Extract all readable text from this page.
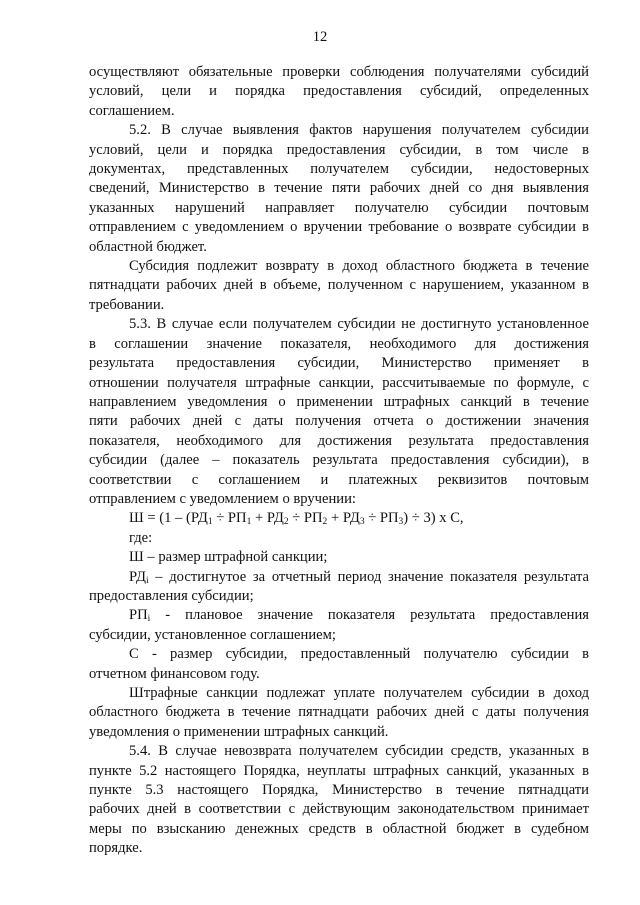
12

осуществляют обязательные проверки соблюдения получателями субсидий
условий, цели и порядка предоставления субсидий, определенных
соглашением.

5.2. В случае выявления фактов нарушения получателем субсидии
условий, цели и порядка предоставления субсидии, в том числе в
документах, представленных получателем субсидии, недостоверных
сведений, Министерство в течение пяти рабочих дней со дня выявления
указанных нарушений направляет получателю субсидии почтовым
отправлением с уведомлением о вручении требование о возврате субсидии в
областной бюджет.

Субсидия подлежит возврату в доход областного бюджета в течение
пятнадцати рабочих дней в объеме, полученном с нарушением, указанном в
требовании.

5.3. В случае если получателем субсидии не достигнуто установленное
в соглашении значение показателя, необходимого для достижения
результата предоставления субсидии, Министерство применяет в
отношении получателя штрафные санкции, рассчитываемые по формуле, с
направлением уведомления о применении штрафных санкций в течение
пяти рабочих дней с даты получения отчета о достижении значения
показателя, необходимого для достижения результата предоставления
субсидии (далее – показатель результата предоставления субсидии), в
соответствии с соглашением и платежных реквизитов почтовым
отправлением с уведомлением о вручении:

$Ш = (1 - (РД_1 \div РП_1 + РД_2 \div РП_2 + РД_3 \div РП_3) \div 3)$ x С,

где:

Ш – размер штрафной санкции;

$РД_i$ – достигнутое за отчетный период значение показателя результата
предоставления субсидии;

$РП_i$ - плановое значение показателя результата предоставления
субсидии, установленное соглашением;

С - размер субсидии, предоставленный получателю субсидии в
отчетном финансовом году.

Штрафные санкции подлежат уплате получателем субсидии в доход
областного бюджета в течение пятнадцати рабочих дней с даты получения
уведомления о применении штрафных санкций.

5.4. В случае невозврата получателем субсидии средств, указанных в
пункте 5.2 настоящего Порядка, неуплаты штрафных санкций, указанных в
пункте 5.3 настоящего Порядка, Министерство в течение пятнадцати
рабочих дней в соответствии с действующим законодательством принимает
меры по взысканию денежных средств в областной бюджет в судебном
порядке.
